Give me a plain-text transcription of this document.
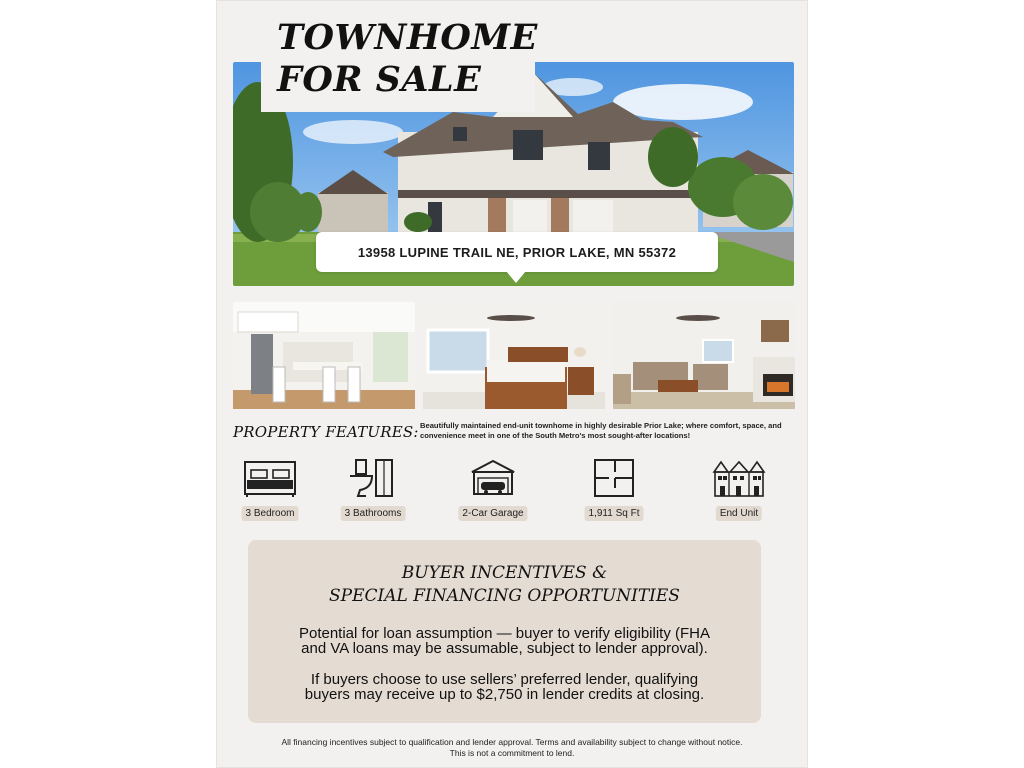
TOWNHOME
FOR SALE
13958 LUPINE TRAIL NE, PRIOR LAKE, MN 55372
PROPERTY FEATURES: Beautifully maintained end-unit townhome in highly desirable Prior Lake; where comfort, space, and convenience meet in one of the South Metro's most sought-after locations!
3 Bedroom	3 Bathrooms	2-Car Garage	1,911 Sq Ft	End Unit
BUYER INCENTIVES &
SPECIAL FINANCING OPPORTUNITIES
Potential for loan assumption — buyer to verify eligibility (FHA
and VA loans may be assumable, subject to lender approval).
If buyers choose to use sellers’ preferred lender, qualifying
buyers may receive up to $2,750 in lender credits at closing.
All financing incentives subject to qualification and lender approval. Terms and availability subject to change without notice.
This is not a commitment to lend.
